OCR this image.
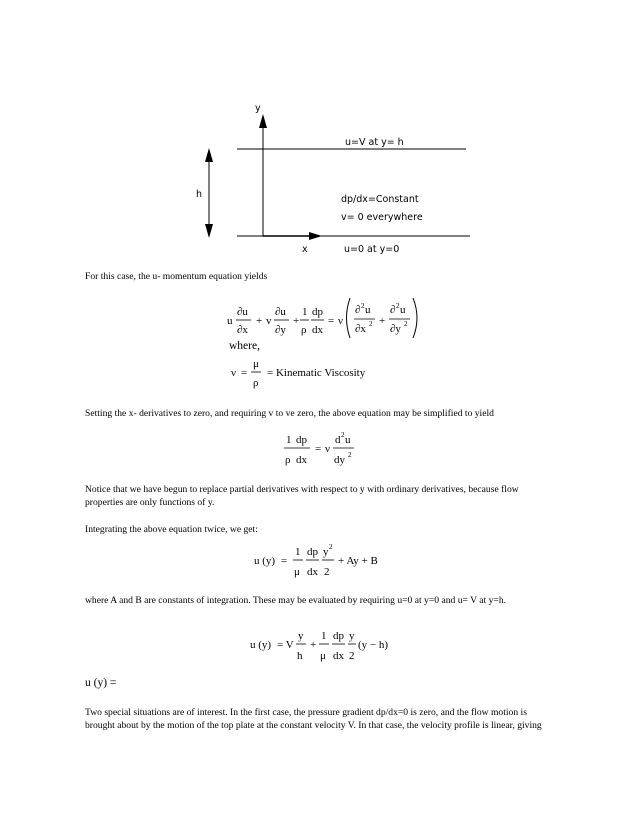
y
x
h
u=V at y= h
dp/dx=Constant
v= 0 everywhere
u=0 at y=0

For this case, the u- momentum equation yields

u
∂u
∂x
+ v
∂u
∂y
+
1
ρ
dp
dx
= ν
∂ 2 u
∂x 2 +
∂ 2 u
∂y 2
where,
ν =
μ
ρ
= Kinematic Viscosity

Setting the x- derivatives to zero, and requiring v to ve zero, the above equation may be simplified to yield

1 dp
ρ dx
= ν
d 2 u
dy 2

Notice that we have begun to replace partial derivatives with respect to y with ordinary derivatives, because flow properties are only functions of y.

Integrating the above equation twice, we get:

u (y) =
1
μ
dp
dx
y 2
2
+ Ay + B

where A and B are constants of integration. These may be evaluated by requiring u=0 at y=0 and u= V at y=h.

u (y) = V
y
h
+
1
μ
dp
dx
y
2
(y − h)
u (y) =

Two special situations are of interest. In the first case, the pressure gradient dp/dx=0 is zero, and the flow motion is brought about by the motion of the top plate at the constant velocity V. In that case, the velocity profile is linear, giving
